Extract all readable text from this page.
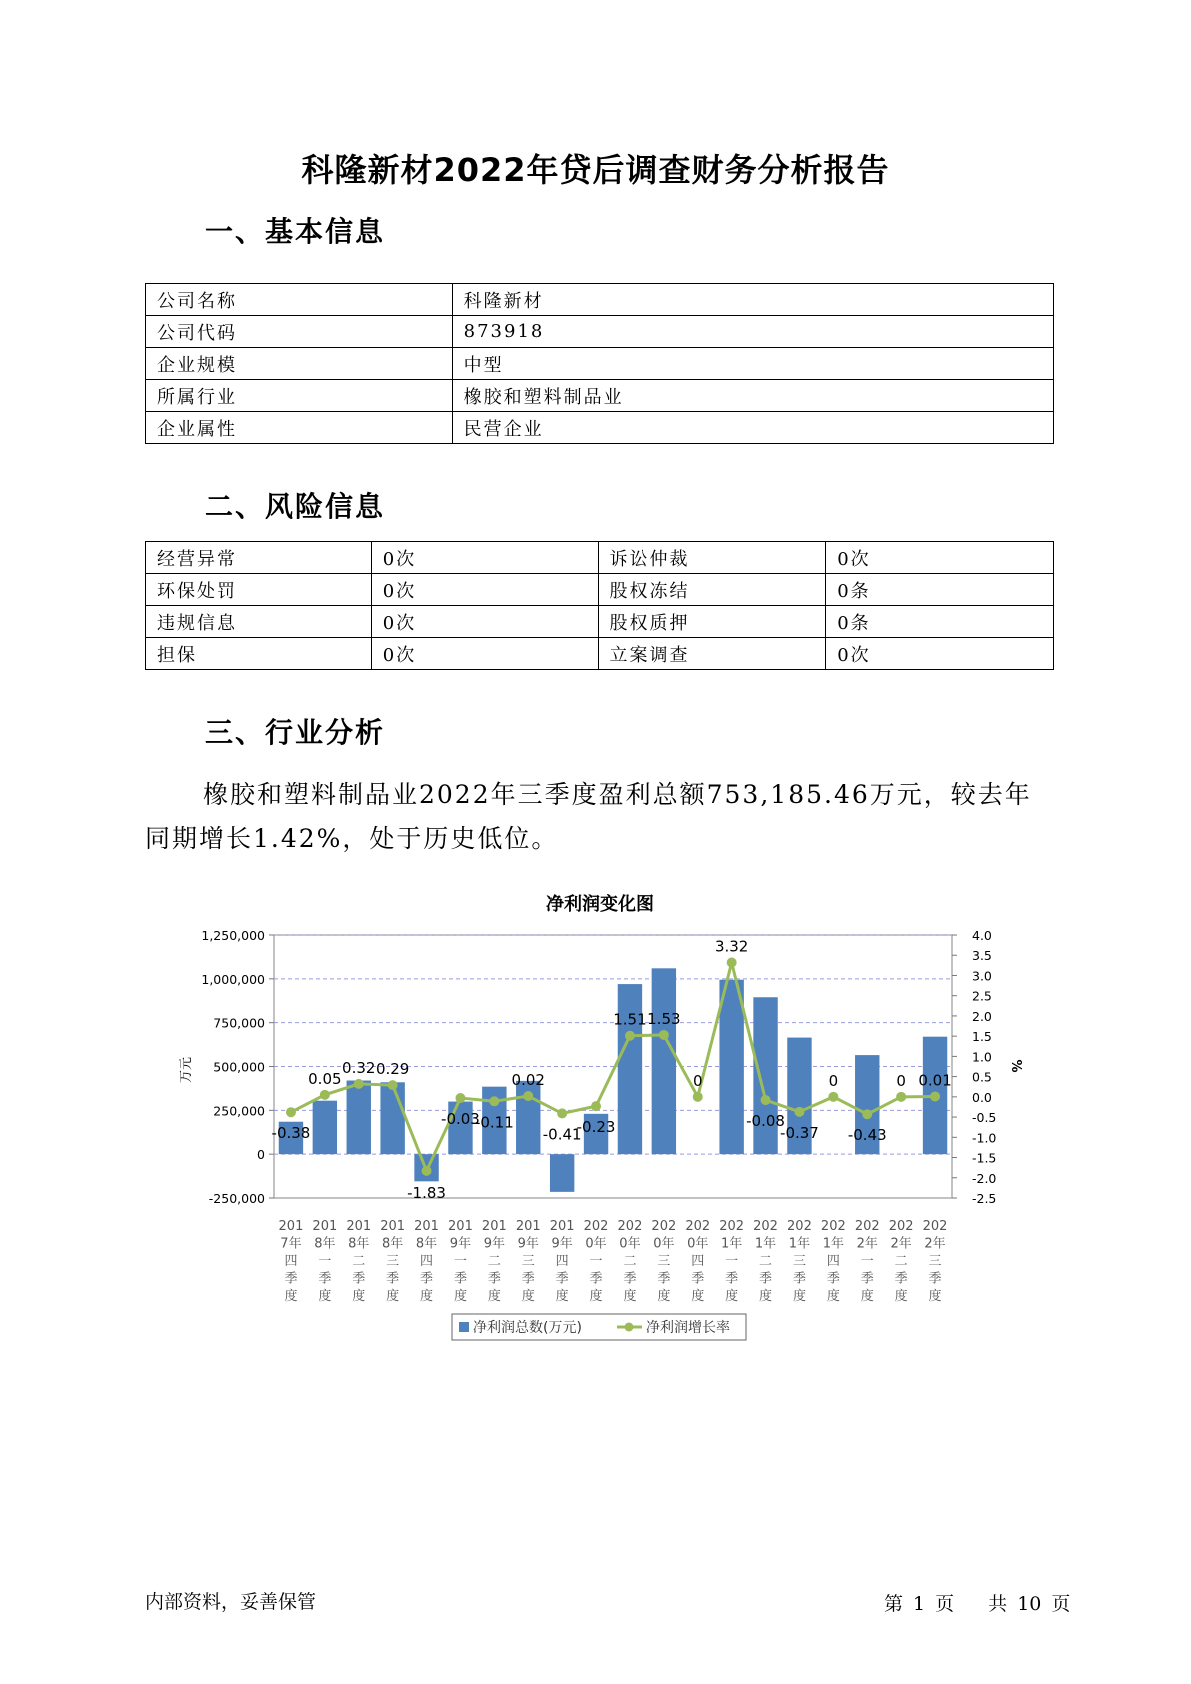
科隆新材2022年贷后调查财务分析报告
一、基本信息
公司名称	科隆新材
公司代码	873918
企业规模	中型
所属行业	橡胶和塑料制品业
企业属性	民营企业
二、风险信息
经营异常	0次	诉讼仲裁	0次
环保处罚	0次	股权冻结	0条
违规信息	0次	股权质押	0条
担保	0次	立案调查	0次
三、行业分析
橡胶和塑料制品业2022年三季度盈利总额753,185.46万元，较去年同期增长1.42%，处于历史低位。
净利润变化图
-250,000
0
250,000
500,000
750,000
1,000,000
1,250,000
-2.5
-2.0
-1.5
-1.0
-0.5
0.0
0.5
1.0
1.5
2.0
2.5
3.0
3.5
4.0
万元	%
-0.38
0.05
0.32 0.29
-1.83
-0.03
-0.11
0.02
-0.41
-0.23
1.51 1.53
0
3.32
-0.08
-0.37
0
-0.43
0 0.01
201
7年
四
季
度
201
8年
一
季
度
201
8年
二
季
度
201
8年
三
季
度
201
8年
四
季
度
201
9年
一
季
度
201
9年
二
季
度
201
9年
三
季
度
201
9年
四
季
度
202
0年
一
季
度
202
0年
二
季
度
202
0年
三
季
度
202
0年
四
季
度
202
1年
一
季
度
202
1年
二
季
度
202
1年
三
季
度
202
1年
四
季
度
202
2年
一
季
度
202
2年
二
季
度
202
2年
三
季
度
净利润总数(万元)	净利润增长率
内部资料，妥善保管	第 1 页 共 10 页
